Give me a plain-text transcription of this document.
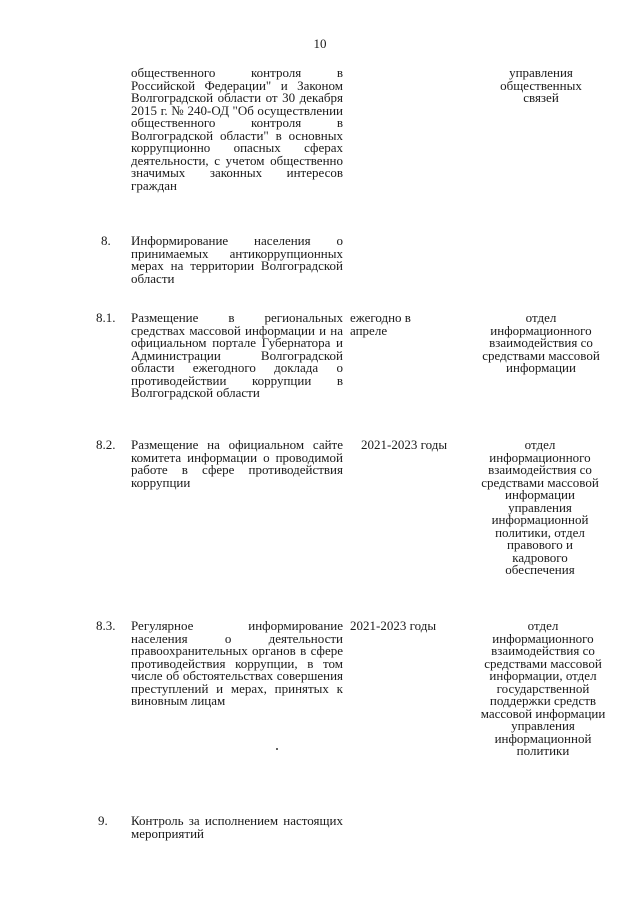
10
общественного контроля в Российской Федерации" и Законом Волгоградской области от 30 декабря 2015 г. № 240-ОД "Об осуществлении общественного контроля в Волгоградской области" в основных коррупционно опасных сферах деятельности, с учетом общественно значимых законных интересов граждан
управления общественных связей
8. Информирование населения о принимаемых антикоррупционных мерах на территории Волгоградской области
8.1. Размещение в региональных средствах массовой информации и на официальном портале Губернатора и Администрации Волгоградской области ежегодного доклада о противодействии коррупции в Волгоградской области
ежегодно в апреле
отдел информационного взаимодействия со средствами массовой информации
8.2. Размещение на официальном сайте комитета информации о проводимой работе в сфере противодействия коррупции
2021-2023 годы	отдел информационного взаимодействия со средствами массовой информации управления информационной политики, отдел правового и кадрового обеспечения
8.3. Регулярное информирование населения о деятельности правоохранительных органов в сфере противодействия коррупции, в том числе об обстоятельствах совершения преступлений и мерах, принятых к виновным лицам
2021-2023 годы	отдел информационного взаимодействия со средствами массовой информации, отдел государственной поддержки средств массовой информации управления информационной политики
9. Контроль за исполнением настоящих мероприятий
